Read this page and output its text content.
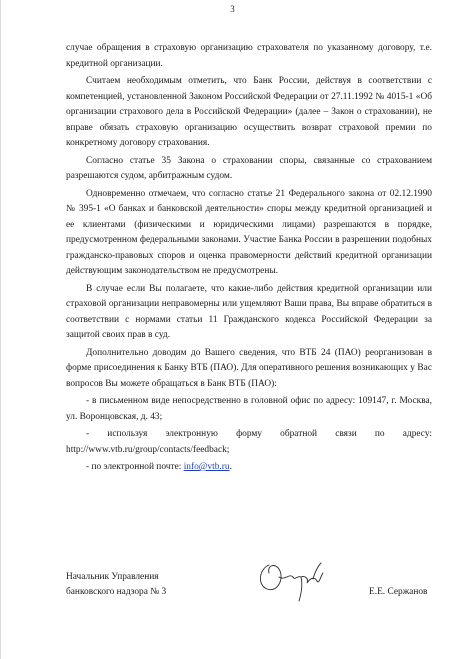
3

случае обращения в страховую организацию страхователя по указанному договору, т.е. кредитной организации.

Считаем необходимым отметить, что Банк России, действуя в соответствии с компетенцией, установленной Законом Российской Федерации от 27.11.1992 № 4015-1 «Об организации страхового дела в Российской Федерации» (далее – Закон о страховании), не вправе обязать страховую организацию осуществить возврат страховой премии по конкретному договору страхования.

Согласно статье 35 Закона о страховании споры, связанные со страхованием разрешаются судом, арбитражным судом.

Одновременно отмечаем, что согласно статье 21 Федерального закона от 02.12.1990 № 395-1 «О банках и банковской деятельности» споры между кредитной организацией и ее клиентами (физическими и юридическими лицами) разрешаются в порядке, предусмотренном федеральными законами. Участие Банка России в разрешении подобных гражданско-правовых споров и оценка правомерности действий кредитной организации действующим законодательством не предусмотрены.

В случае если Вы полагаете, что какие-либо действия кредитной организации или страховой организации неправомерны или ущемляют Ваши права, Вы вправе обратиться в соответствии с нормами статьи 11 Гражданского кодекса Российской Федерации за защитой своих прав в суд.

Дополнительно доводим до Вашего сведения, что ВТБ 24 (ПАО) реорганизован в форме присоединения к Банку ВТБ (ПАО). Для оперативного решения возникающих у Вас вопросов Вы можете обращаться в Банк ВТБ (ПАО):

- в письменном виде непосредственно в головной офис по адресу: 109147, г. Москва, ул. Воронцовская, д. 43;

- используя электронную форму обратной связи по адресу: http://www.vtb.ru/group/contacts/feedback;

- по электронной почте: info@vtb.ru.

Начальник Управления
банковского надзора № 3	Е.Е. Сержанов
